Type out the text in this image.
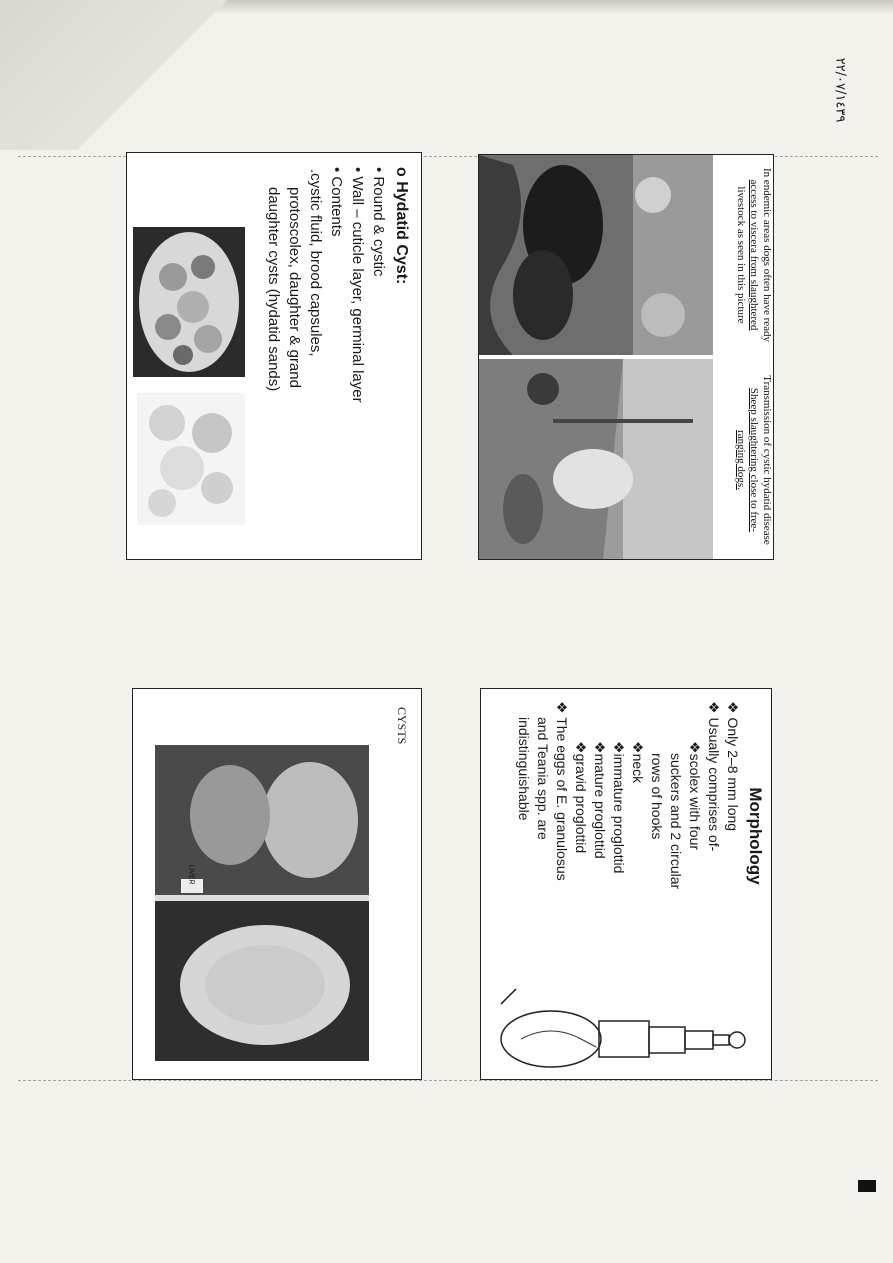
٢٢/٠٧/١٤٣٩
In endemic areas dogs often have ready
access to viscera from slaughtered
livestock as seen in this picture
Transmission of cystic hydatid disease
Sheep slaughtering close to free-
ranging dogs.
o Hydatid Cyst:
• Round & cystic
• Wall – cuticle layer, germinal layer
• Contents
.cystic fluid, brood capsules,
protoscolex, daughter & grand
daughter cysts (hydatid sands)
Morphology
❖ Only 2–8 mm long
❖ Usually comprises of-
❖scolex with four
suckers and 2 circular
rows of hooks
❖neck
❖immature proglottid
❖mature proglottid
❖gravid proglottid
❖ The eggs of E. granulosus
and Teania spp. are
indistinguishable
CYSTS
LIVER
